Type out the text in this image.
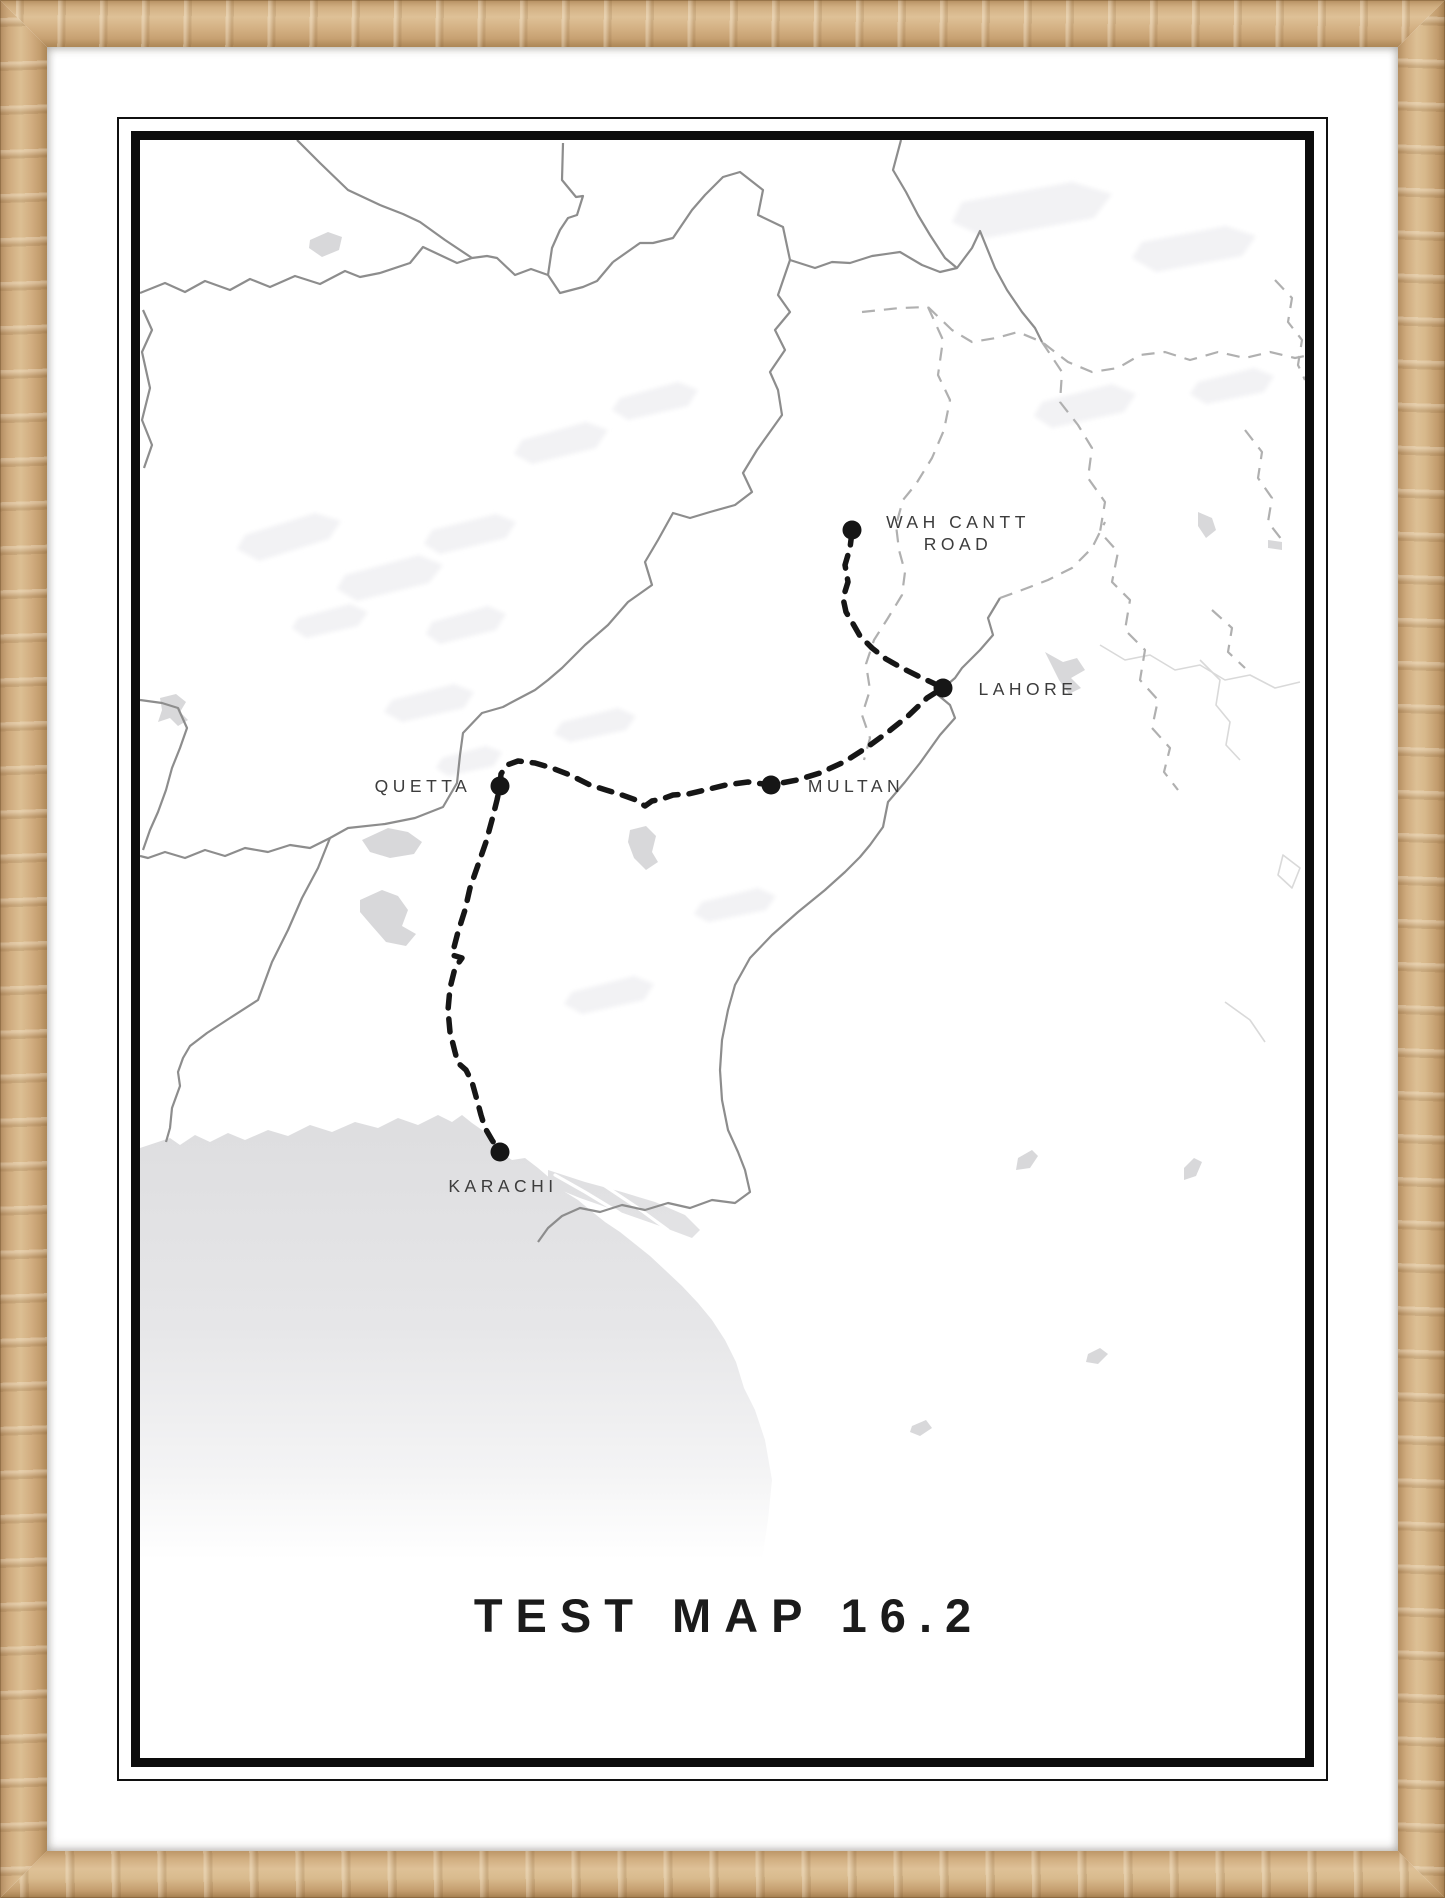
WAH CANTT ROAD
LAHORE
MULTAN
QUETTA
KARACHI
TEST MAP 16.2
